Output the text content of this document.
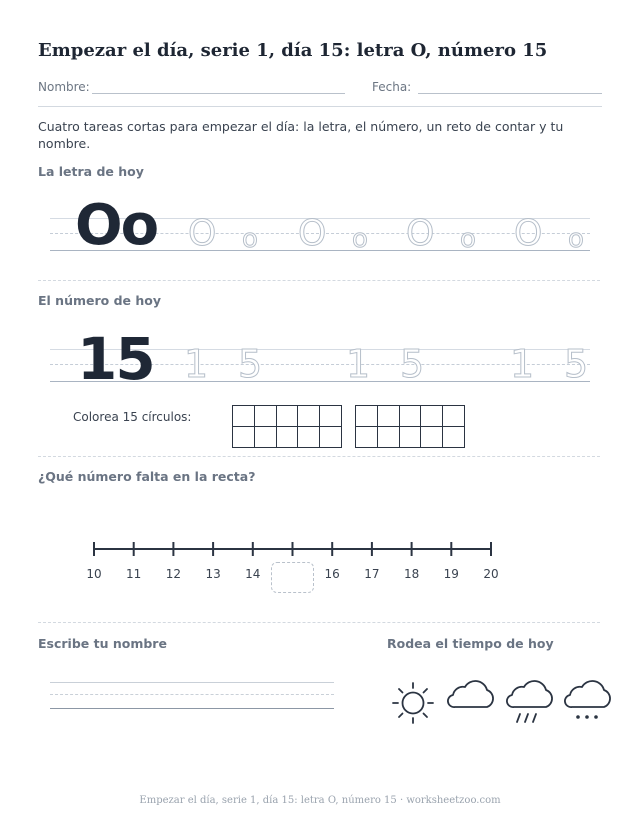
Empezar el día, serie 1, día 15: letra O, número 15
Nombre:	Fecha:
Cuatro tareas cortas para empezar el día: la letra, el número, un reto de contar y tu nombre.
La letra de hoy
Oo O o O o O o O o
El número de hoy
15 1 5 1 5 1 5
Colorea 15 círculos:

¿Qué número falta en la recta?
10	11	12	13	14	16	17	18	19	20
Escribe tu nombre	Rodea el tiempo de hoy
Empezar el día, serie 1, día 15: letra O, número 15 · worksheetzoo.com
